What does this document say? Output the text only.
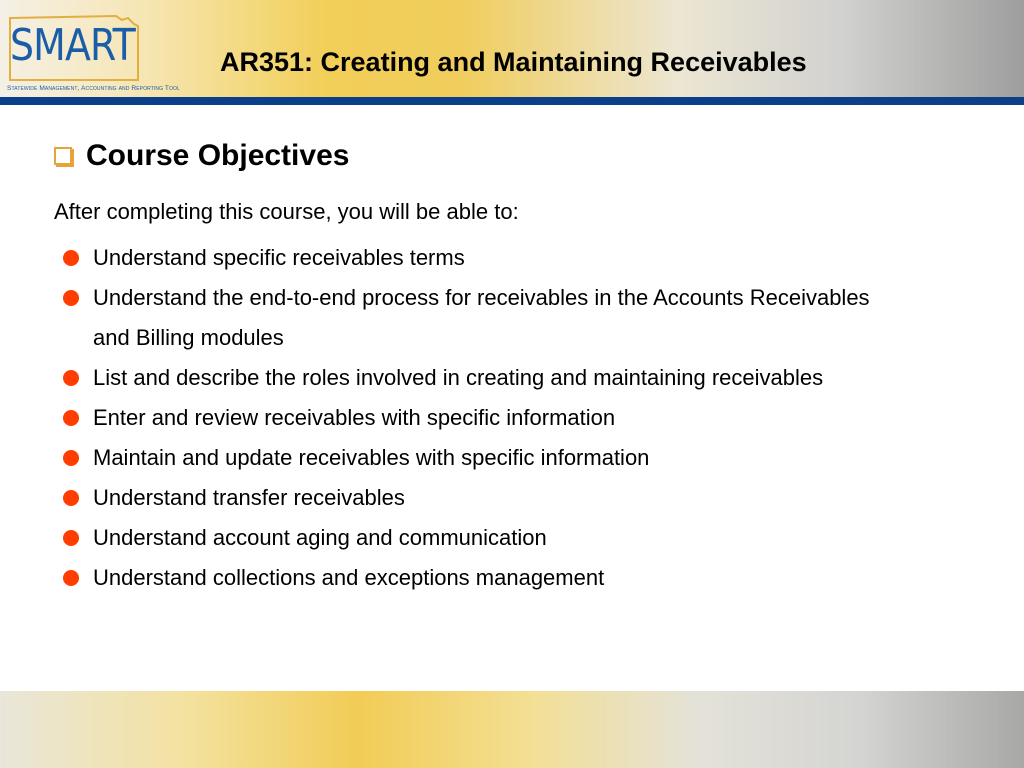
SMART
Statewide Management, Accounting and Reporting Tool
AR351: Creating and Maintaining Receivables
Course Objectives
After completing this course, you will be able to:
Understand specific receivables terms
Understand the end-to-end process for receivables in the Accounts Receivables and Billing modules
List and describe the roles involved in creating and maintaining receivables
Enter and review receivables with specific information
Maintain and update receivables with specific information
Understand transfer receivables
Understand account aging and communication
Understand collections and exceptions management
